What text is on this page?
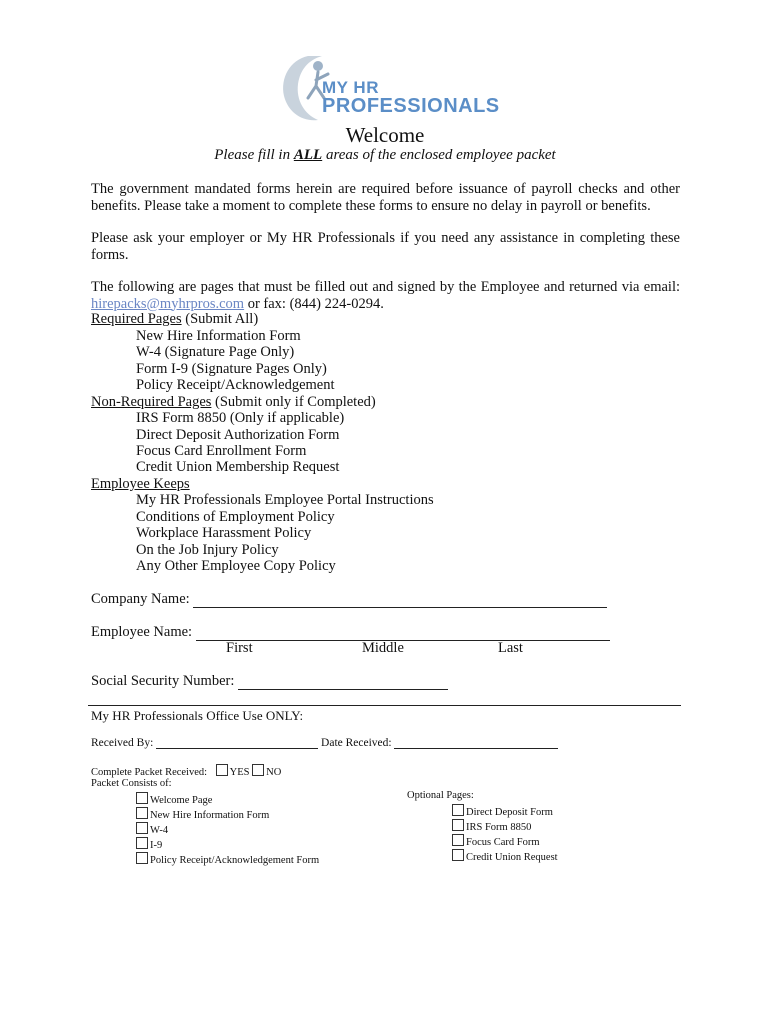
MY HR
PROFESSIONALS
Welcome
Please fill in ALL areas of the enclosed employee packet
The government mandated forms herein are required before issuance of payroll checks and other benefits. Please take a moment to complete these forms to ensure no delay in payroll or benefits.
Please ask your employer or My HR Professionals if you need any assistance in completing these forms.
The following are pages that must be filled out and signed by the Employee and returned via email: hirepacks@myhrpros.com or fax: (844) 224-0294.
Required Pages (Submit All)
New Hire Information Form
W-4 (Signature Page Only)
Form I-9 (Signature Pages Only)
Policy Receipt/Acknowledgement
Non-Required Pages (Submit only if Completed)
IRS Form 8850 (Only if applicable)
Direct Deposit Authorization Form
Focus Card Enrollment Form
Credit Union Membership Request
Employee Keeps
My HR Professionals Employee Portal Instructions
Conditions of Employment Policy
Workplace Harassment Policy
On the Job Injury Policy
Any Other Employee Copy Policy
Company Name:
Employee Name:
First	Middle	Last
Social Security Number:
My HR Professionals Office Use ONLY:
Received By:	Date Received:
Complete Packet Received: YES NO
Packet Consists of:
Welcome Page
New Hire Information Form
W-4
I-9
Policy Receipt/Acknowledgement Form
Optional Pages:
Direct Deposit Form
IRS Form 8850
Focus Card Form
Credit Union Request
